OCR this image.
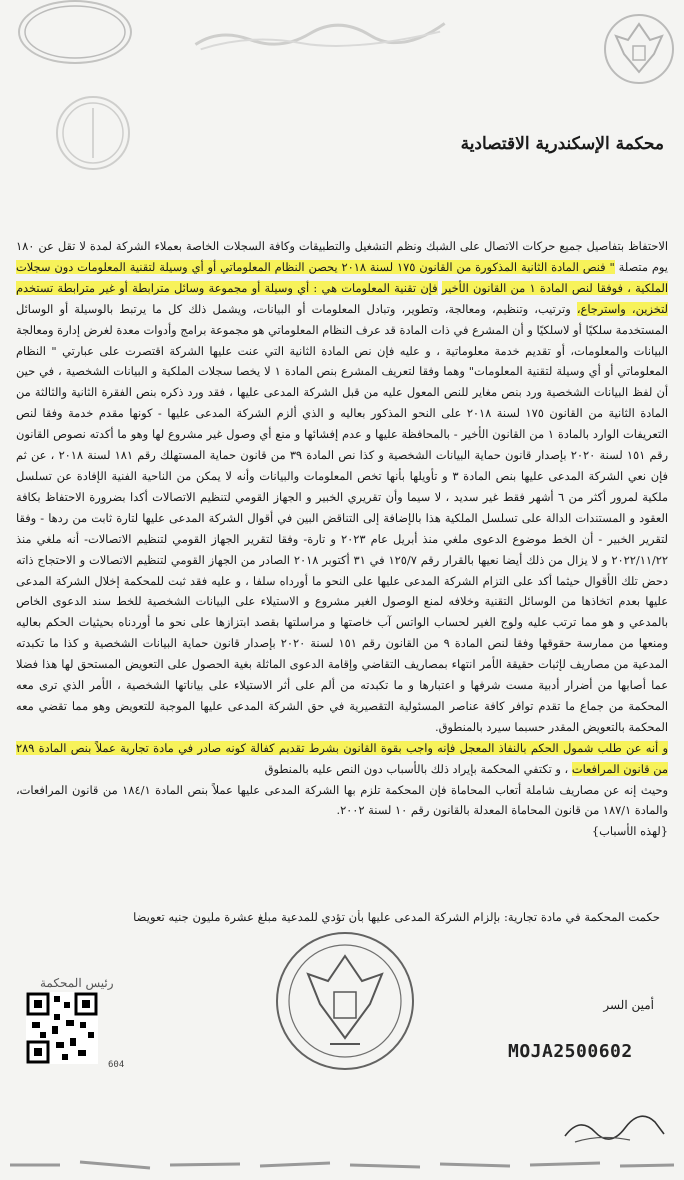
محكمة الإسكندرية الاقتصادية

الاحتفاظ بتفاصيل جميع حركات الاتصال على الشبك ونظم التشغيل والتطبيقات وكافة السجلات الخاصة بعملاء الشركة لمدة لا تقل عن ١٨٠ يوم متصلة " فنص المادة الثانية المذكورة من القانون ١٧٥ لسنة ٢٠١٨ يحصن النظام المعلوماتي أو أي وسيلة لتقنية المعلومات دون سجلات الملكية ، فوفقا لنص المادة ١ من القانون الأخير فإن تقنية المعلومات هي : أي وسيلة أو مجموعة وسائل مترابطة أو غير مترابطة تستخدم لتخزين، واسترجاع، وترتيب، وتنظيم، ومعالجة، وتطوير، وتبادل المعلومات أو البيانات، ويشمل ذلك كل ما يرتبط بالوسيلة أو الوسائل المستخدمة سلكيًا أو لاسلكيًا و أن المشرع في ذات المادة قد عرف النظام المعلوماتي هو مجموعة برامج وأدوات معدة لغرض إدارة ومعالجة البيانات والمعلومات، أو تقديم خدمة معلوماتية ، و عليه فإن نص المادة الثانية التي عنت عليها الشركة اقتصرت على عبارتي " النظام المعلوماتي أو أي وسيلة لتقنية المعلومات" وهما وفقا لتعريف المشرع بنص المادة ١ لا يخصا سجلات الملكية و البيانات الشخصية ، في حين أن لفظ البيانات الشخصية ورد بنص مغاير للنص المعول عليه من قبل الشركة المدعى عليها ، فقد ورد ذكره بنص الفقرة الثانية والثالثة من المادة الثانية من القانون ١٧٥ لسنة ٢٠١٨ على النحو المذكور بعاليه و الذي ألزم الشركة المدعى عليها - كونها مقدم خدمة وفقا لنص التعريفات الوارد بالمادة ١ من القانون الأخير - بالمحافظة عليها و عدم إفشائها و منع أي وصول غير مشروع لها وهو ما أكدته نصوص القانون رقم ١٥١ لسنة ٢٠٢٠ بإصدار قانون حماية البيانات الشخصية و كذا نص المادة ٣٩ من قانون حماية المستهلك رقم ١٨١ لسنة ٢٠١٨ ، عن ثم فإن نعي الشركة المدعى عليها بنص المادة ٣ و تأويلها بأنها تخص المعلومات والبيانات وأنه لا يمكن من الناحية الفنية الإفادة عن تسلسل ملكية لمرور أكثر من ٦ أشهر فقط غير سديد ، لا سيما وأن تقريري الخبير و الجهاز القومي لتنظيم الاتصالات أكدا بضرورة الاحتفاظ بكافة العقود و المستندات الدالة على تسلسل الملكية هذا بالإضافة إلى التناقض البين في أقوال الشركة المدعى عليها لتارة ثابت من ردها - وفقا لتقرير الخبير - أن الخط موضوع الدعوى ملغي منذ أبريل عام ٢٠٢٣ و تارة- وفقا لتقرير الجهاز القومي لتنظيم الاتصالات- أنه ملغي منذ ٢٠٢٢/١١/٢٢ و لا يزال من ذلك أيضا نعيها بالقرار رقم ١٢٥/٧ في ٣١ أكتوبر ٢٠١٨ الصادر من الجهاز القومي لتنظيم الاتصالات و الاحتجاج ذاته دحض تلك الأقوال حيثما أكد على التزام الشركة المدعى عليها على النحو ما أورداه سلفا ، و عليه فقد ثبت للمحكمة إخلال الشركة المدعى عليها بعدم اتخاذها من الوسائل التقنية وخلافه لمنع الوصول الغير مشروع و الاستيلاء على البيانات الشخصية للخط سند الدعوى الخاص بالمدعي و هو مما ترتب عليه ولوج الغير لحساب الواتس آب خاصتها و مراسلتها بقصد ابتزازها على نحو ما أوردناه بحيثيات الحكم بعاليه ومنعها من ممارسة حقوقها وفقا لنص المادة ٩ من القانون رقم ١٥١ لسنة ٢٠٢٠ بإصدار قانون حماية البيانات الشخصية و كذا ما تكبدته المدعية من مصاريف لإثبات حقيقة الأمر انتهاء بمصاريف التقاضي وإقامة الدعوى الماثلة بغية الحصول على التعويض المستحق لها هذا فضلا عما أصابها من أضرار أدبية مست شرفها و اعتبارها و ما تكبدته من ألم على أثر الاستيلاء على بياناتها الشخصية ، الأمر الذي ترى معه المحكمة من جماع ما تقدم توافر كافة عناصر المسئولية التقصيرية في حق الشركة المدعى عليها الموجبة للتعويض وهو مما تقضي معه المحكمة بالتعويض المقدر حسبما سيرد بالمنطوق.

و أنه عن طلب شمول الحكم بالنفاذ المعجل فإنه واجب بقوة القانون بشرط تقديم كفالة كونه صادر في مادة تجارية عملاً بنص المادة ٢٨٩ من قانون المرافعات ، و تكتفي المحكمة بإيراد ذلك بالأسباب دون النص عليه بالمنطوق

وحيث إنه عن مصاريف شاملة أتعاب المحاماة فإن المحكمة تلزم بها الشركة المدعى عليها عملاً بنص المادة ١٨٤/١ من قانون المرافعات، والمادة ١٨٧/١ من قانون المحاماة المعدلة بالقانون رقم ١٠ لسنة ٢٠٠٢.

{لهذه الأسباب}

حكمت المحكمة في مادة تجارية: بإلزام الشركة المدعى عليها بأن تؤدي للمدعية مبلغ عشرة مليون جنيه تعويضا
رئيس المحكمة
أمين السر
604
MOJA2500602
